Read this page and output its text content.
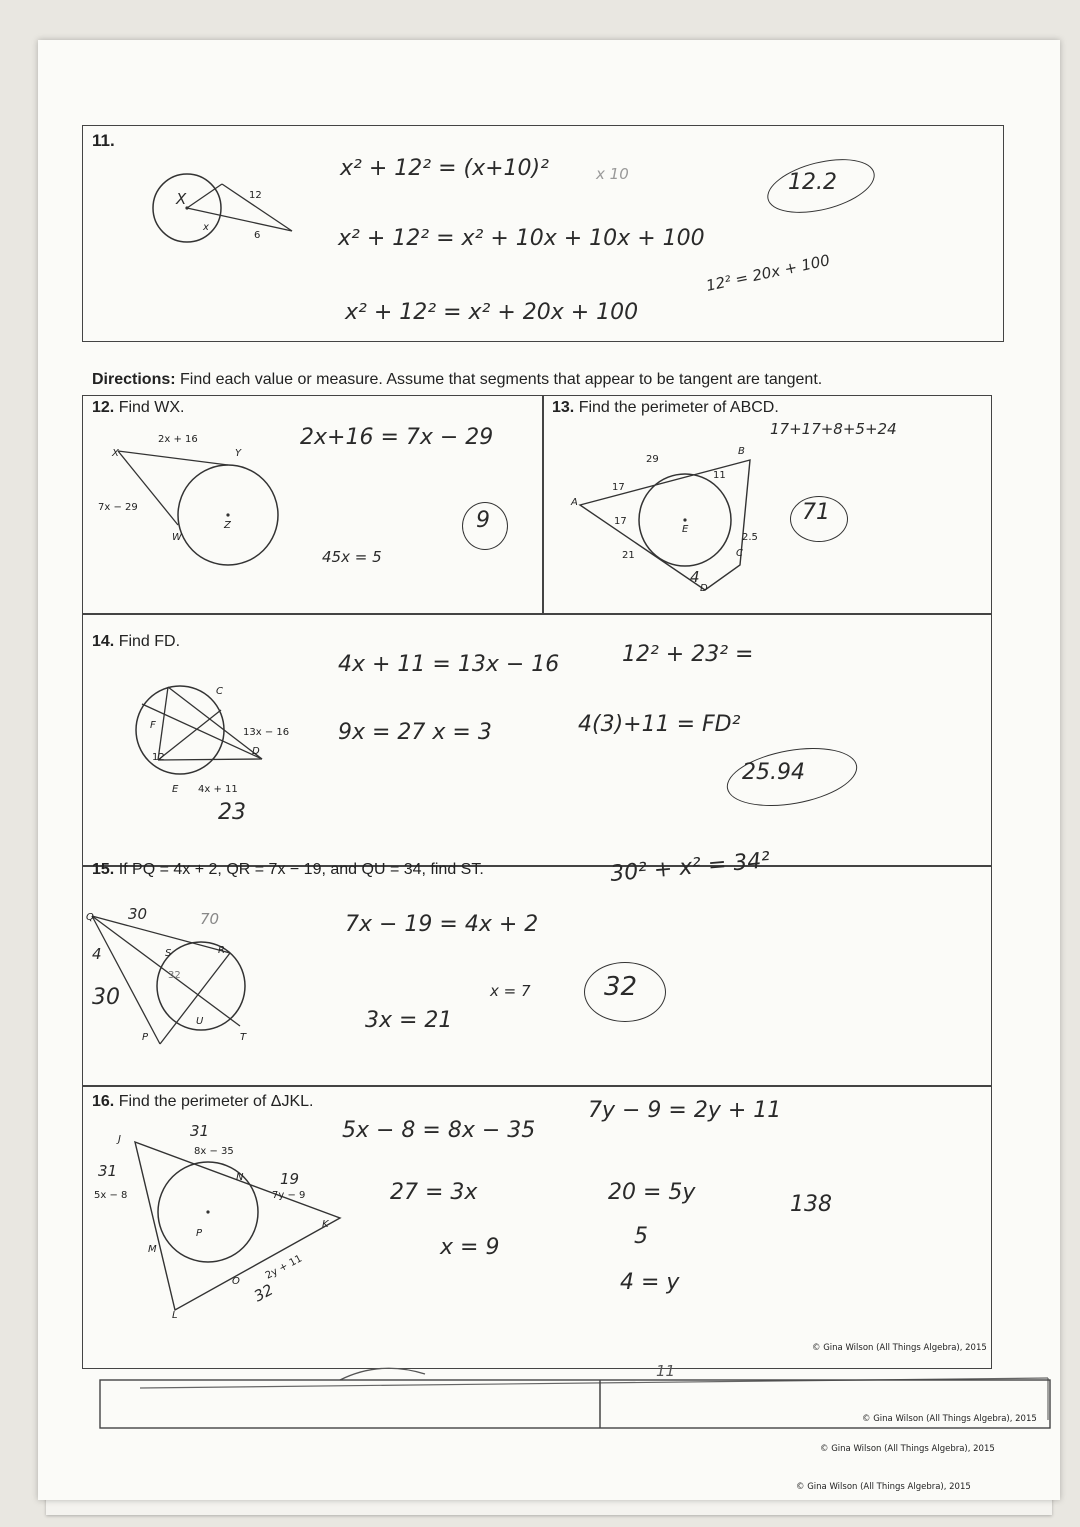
11.
12
x
6
X
x² + 12² = (x+10)²	x 10
x² + 12² = x² + 10x + 10x + 100
x² + 12² = x² + 20x + 100
12² = 20x + 100
12.2
Directions: Find each value or measure. Assume that segments that appear to be tangent are tangent.
12. Find WX.	13. Find the perimeter of ABCD.
X	Y
W
Z
2x + 16
7x − 29
2x+16 = 7x − 29
45x = 5
9
A
B
C
D
E
29
17
17
11
21
2.5
4
17+17+8+5+24
71
14. Find FD.
C
F
E
D
12
13x − 16
4x + 11
23
4x + 11 = 13x − 16
9x = 27 x = 3
12² + 23² =
4(3)+11 = FD²
25.94
15. If PQ = 4x + 2, QR = 7x − 19, and QU = 34, find ST.
Q
S	R
P
U
T
30	70
4
30
32
7x − 19 = 4x + 2
3x = 21
x = 7
30² + x² = 34²
32
16. Find the perimeter of ΔJKL.
J
N
K
M
P
O
L
8x − 35
5x − 8	7y − 9
2y + 11
31
31	19
32
5x − 8 = 8x − 35
27 = 3x
x = 9
7y − 9 = 2y + 11
20 = 5y
5
4 = y
138
11
© Gina Wilson (All Things Algebra), 2015
© Gina Wilson (All Things Algebra), 2015
© Gina Wilson (All Things Algebra), 2015
© Gina Wilson (All Things Algebra), 2015
